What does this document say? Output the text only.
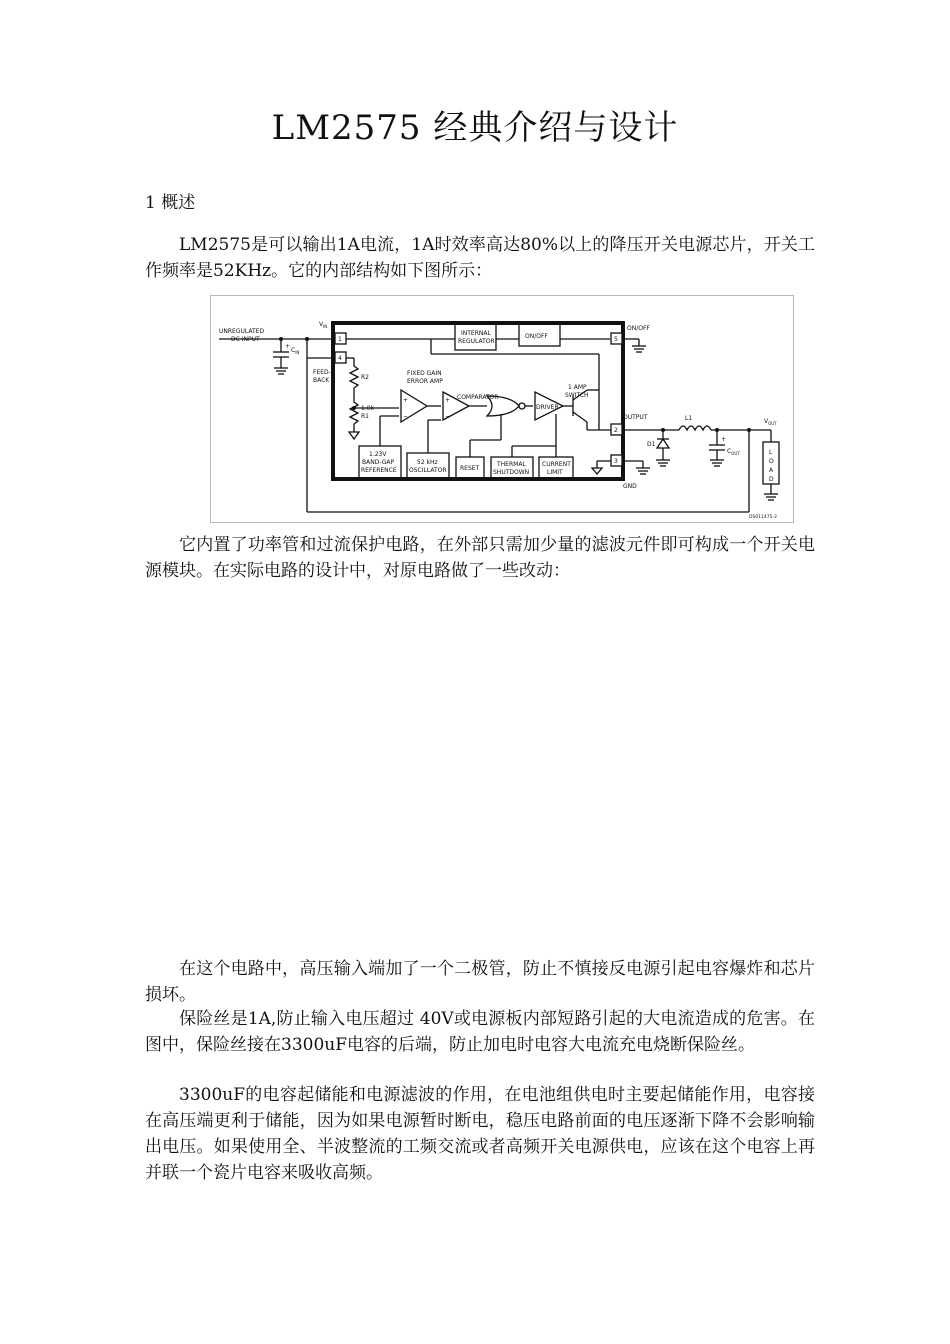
LM2575 经典介绍与设计
1 概述

LM2575是可以输出1A电流，1A时效率高达80%以上的降压开关电源芯片，开关工作频率是52KHz。它的内部结构如下图所示：

UNREGULATED
DC INPUT
$C_{IN}$
+
$V_{IN}$
1
4
5
2
3
FEED-
BACK	R2
1.0k
R1
FIXED GAIN
ERROR AMP
+
−
+
−
COMPARATOR
DRIVER
1 AMP
SWITCH
INTERNAL
REGULATOR
ON/OFF
ON/OFF
1.23V
BAND-GAP
REFERENCE
52 kHz
OSCILLATOR RESET
THERMAL
SHUTDOWN
CURRENT
LIMIT
OUTPUT	L1
D1
$C_{OUT}$
+
$V_{OUT}$
L
O
A
D
GND
DS011475-2

它内置了功率管和过流保护电路，在外部只需加少量的滤波元件即可构成一个开关电源模块。在实际电路的设计中，对原电路做了一些改动：

在这个电路中，高压输入端加了一个二极管，防止不慎接反电源引起电容爆炸和芯片损坏。

保险丝是1A,防止输入电压超过 40V或电源板内部短路引起的大电流造成的危害。在图中，保险丝接在3300uF电容的后端，防止加电时电容大电流充电烧断保险丝。

3300uF的电容起储能和电源滤波的作用，在电池组供电时主要起储能作用，电容接在高压端更利于储能，因为如果电源暂时断电，稳压电路前面的电压逐渐下降不会影响输出电压。如果使用全、半波整流的工频交流或者高频开关电源供电，应该在这个电容上再并联一个瓷片电容来吸收高频。
